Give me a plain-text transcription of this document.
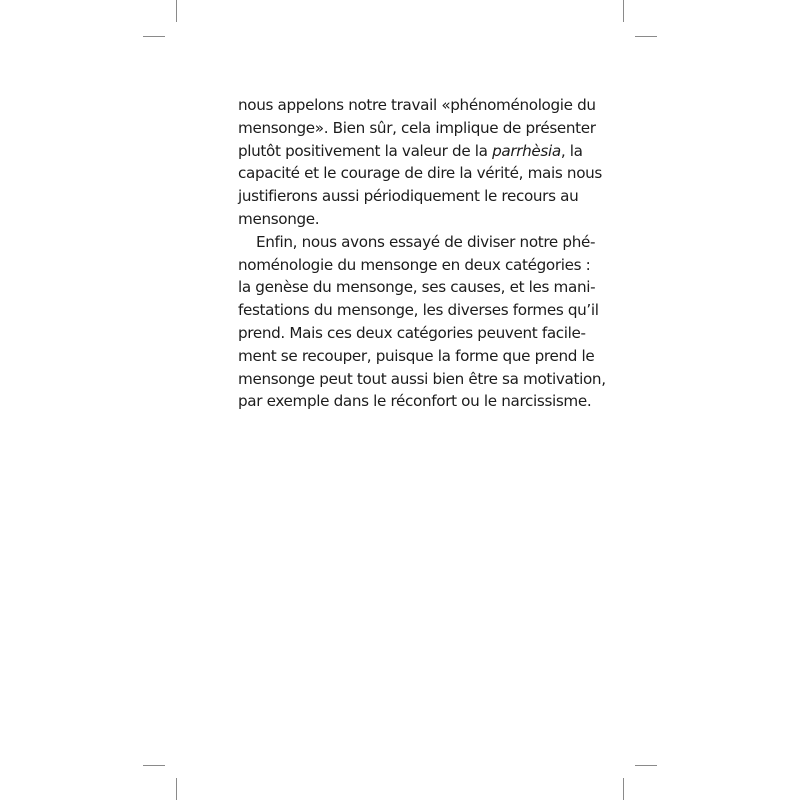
nous appelons notre travail «phénoménologie du
mensonge». Bien sûr, cela implique de présenter
plutôt positivement la valeur de la parrhèsia, la
capacité et le courage de dire la vérité, mais nous
justifierons aussi périodiquement le recours au
mensonge.
Enfin, nous avons essayé de diviser notre phé-
noménologie du mensonge en deux catégories :
la genèse du mensonge, ses causes, et les mani-
festations du mensonge, les diverses formes qu’il
prend. Mais ces deux catégories peuvent facile-
ment se recouper, puisque la forme que prend le
mensonge peut tout aussi bien être sa motivation,
par exemple dans le réconfort ou le narcissisme.
